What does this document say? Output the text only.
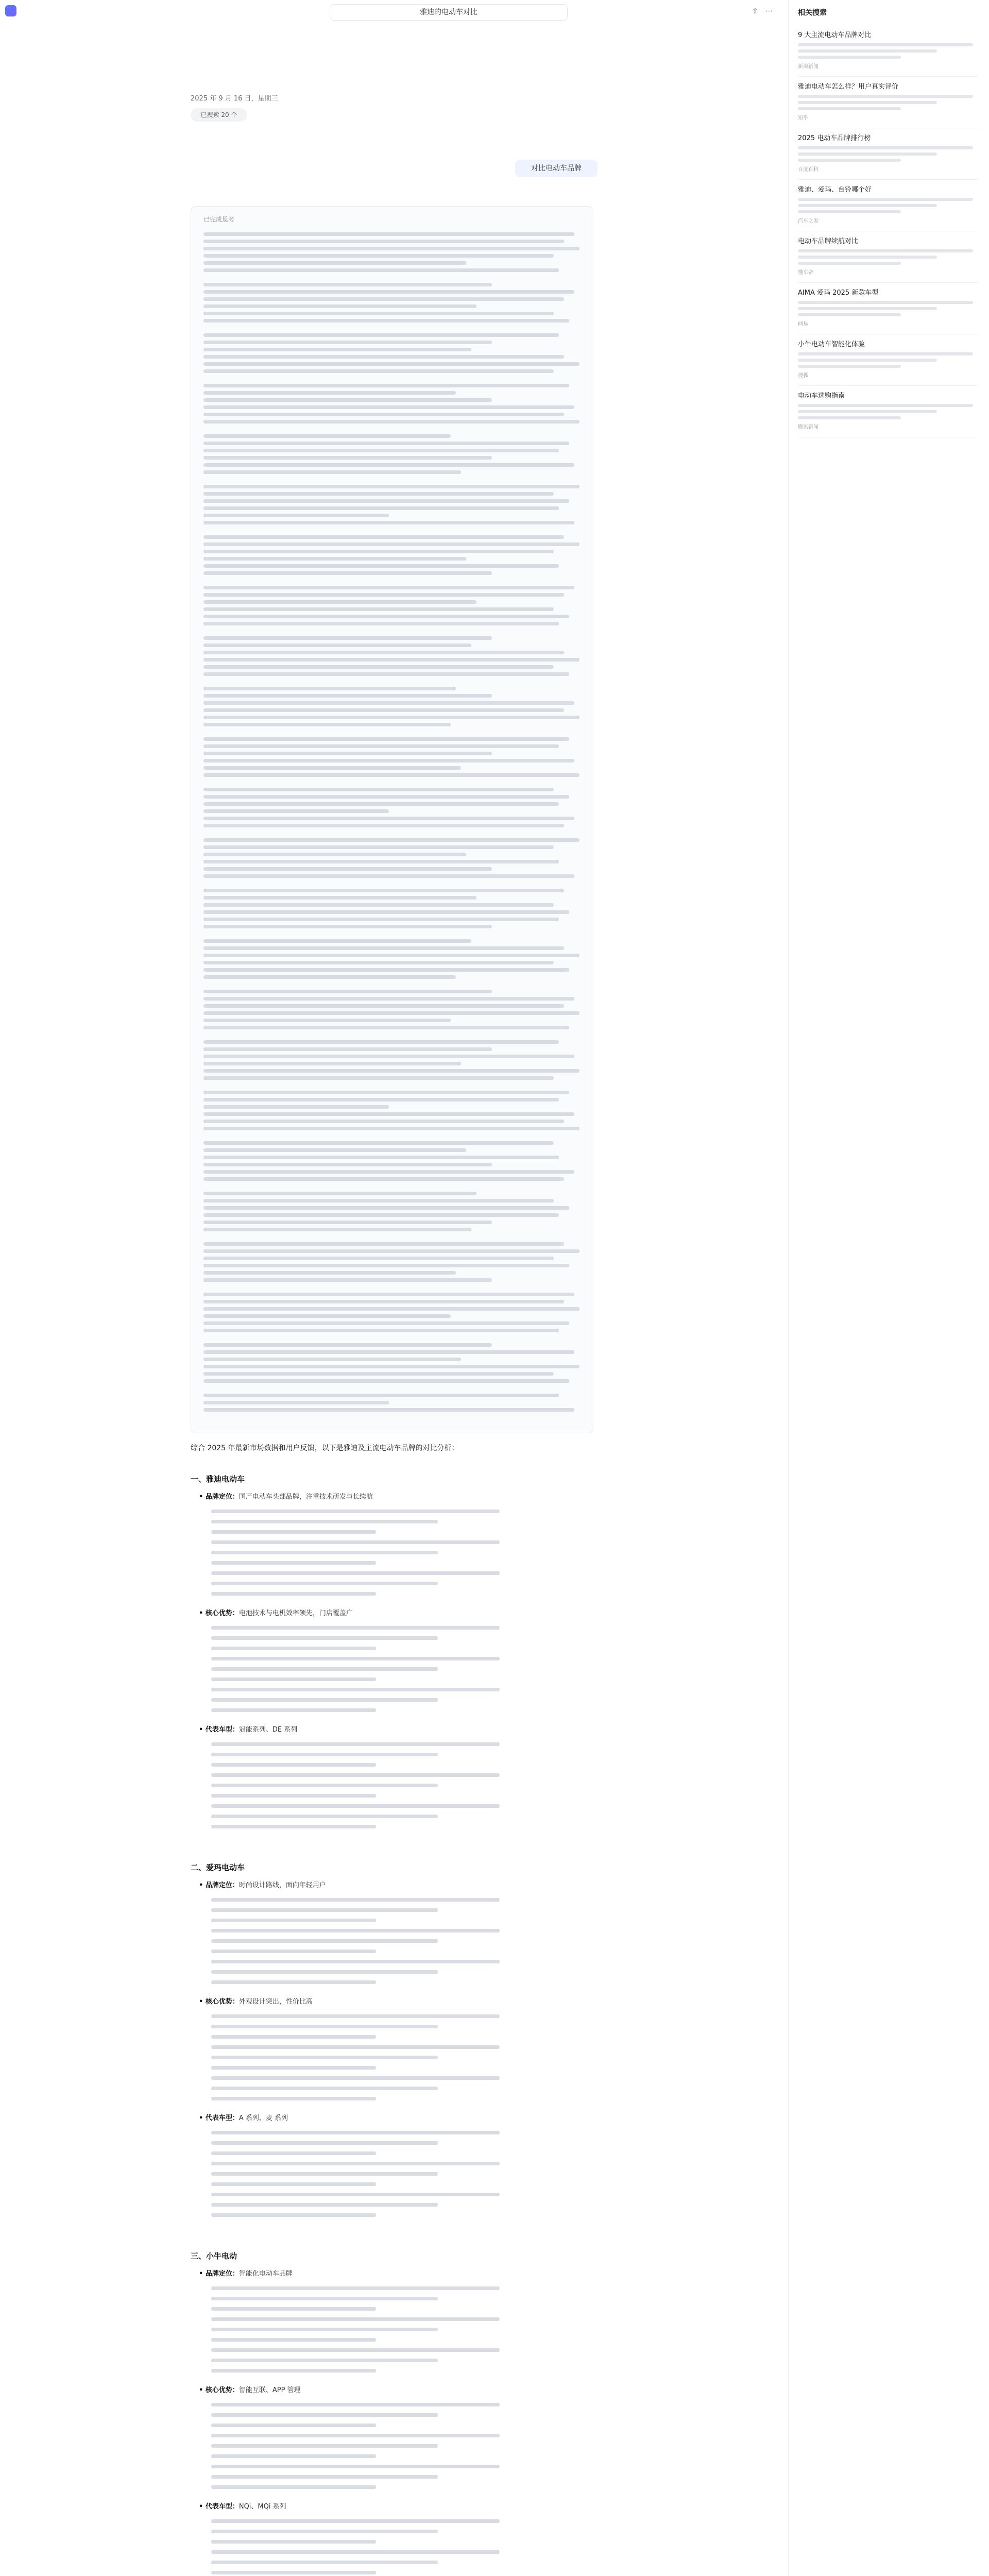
雅迪的电动车对比	⇪	⋯
2025 年 9 月 16 日，星期三
已搜索 20 个
对比电动车品牌
已完成思考
综合 2025 年最新市场数据和用户反馈，以下是雅迪及主流电动车品牌的对比分析：
一、雅迪电动车
• 品牌定位：国产电动车头部品牌，注重技术研发与长续航
• 核心优势：电池技术与电机效率领先，门店覆盖广
• 代表车型：冠能系列、DE 系列
二、爱玛电动车
• 品牌定位：时尚设计路线，面向年轻用户
• 核心优势：外观设计突出，性价比高
• 代表车型：A 系列、麦 系列
三、小牛电动
• 品牌定位：智能化电动车品牌
• 核心优势：智能互联、APP 管理
• 代表车型：NQi、MQi 系列
相关搜索
9 大主流电动车品牌对比
新浪新闻
雅迪电动车怎么样？用户真实评价
知乎
2025 电动车品牌排行榜
百度百科
雅迪、爱玛、台铃哪个好
汽车之家
电动车品牌续航对比
懂车帝
AIMA 爱玛 2025 新款车型
网易
小牛电动车智能化体验
搜狐
电动车选购指南
腾讯新闻
